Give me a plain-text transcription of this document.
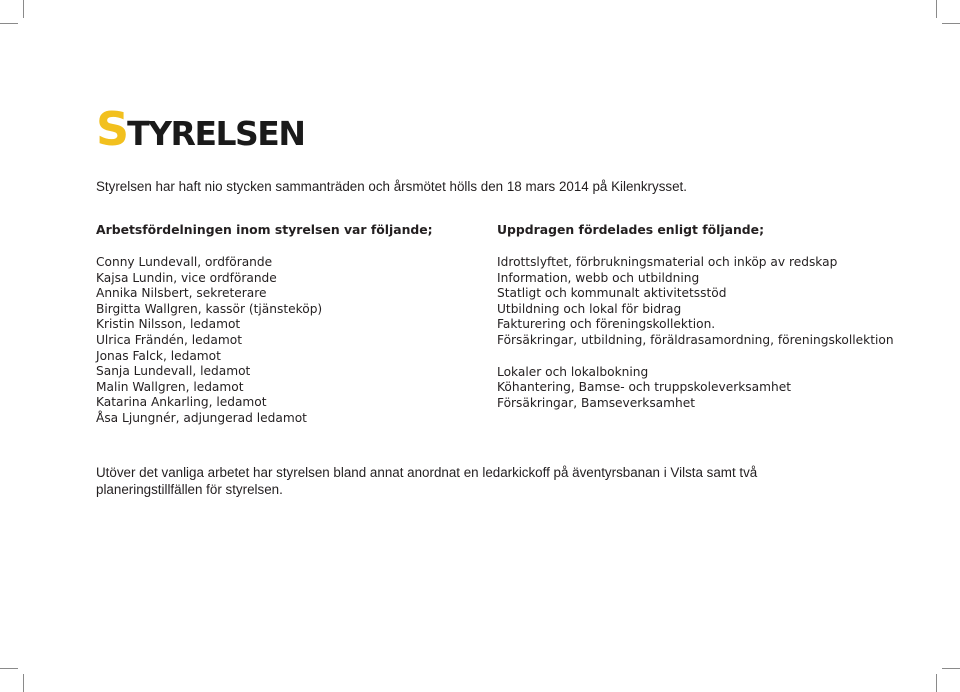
STYRELSEN

Styrelsen har haft nio stycken sammanträden och årsmötet hölls den 18 mars 2014 på Kilenkrysset.

Arbetsfördelningen inom styrelsen var följande;
Conny Lundevall, ordförande
Kajsa Lundin, vice ordförande
Annika Nilsbert, sekreterare
Birgitta Wallgren, kassör (tjänsteköp)
Kristin Nilsson, ledamot
Ulrica Frändén, ledamot
Jonas Falck, ledamot
Sanja Lundevall, ledamot
Malin Wallgren, ledamot
Katarina Ankarling, ledamot
Åsa Ljungnér, adjungerad ledamot
Uppdragen fördelades enligt följande;
Idrottslyftet, förbrukningsmaterial och inköp av redskap
Information, webb och utbildning
Statligt och kommunalt aktivitetsstöd
Utbildning och lokal för bidrag
Fakturering och föreningskollektion.
Försäkringar, utbildning, föräldrasamordning, föreningskollektion
Lokaler och lokalbokning
Köhantering, Bamse- och truppskoleverksamhet
Försäkringar, Bamseverksamhet

Utöver det vanliga arbetet har styrelsen bland annat anordnat en ledarkickoff på äventyrsbanan i Vilsta samt två planeringstillfällen för styrelsen.
